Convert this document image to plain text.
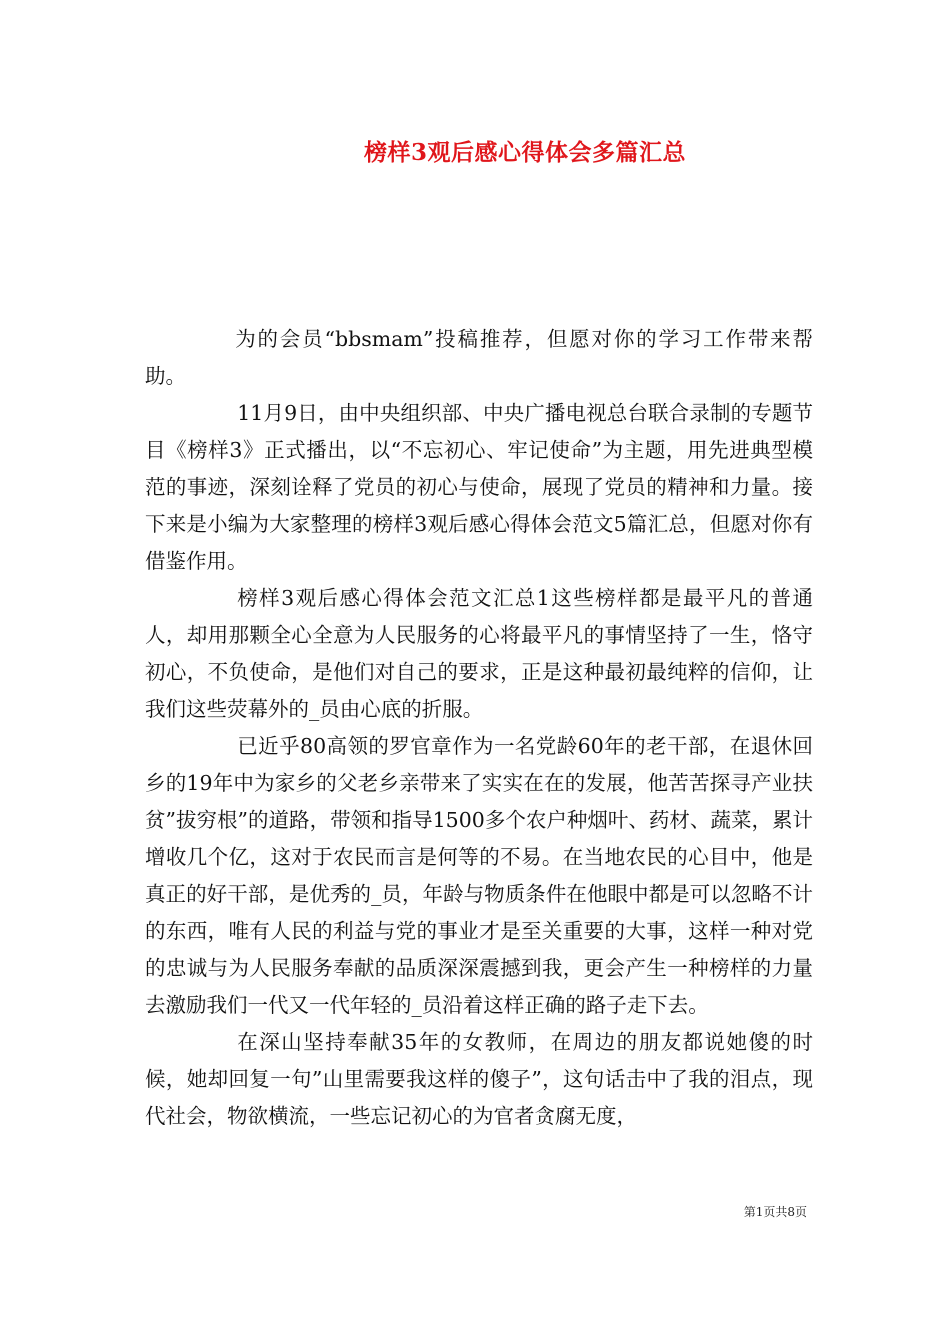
榜样3观后感心得体会多篇汇总

为的会员“bbsmam”投稿推荐，但愿对你的学习工作带来帮助。

11月9日，由中央组织部、中央广播电视总台联合录制的专题节目《榜样3》正式播出，以“不忘初心、牢记使命”为主题，用先进典型模范的事迹，深刻诠释了党员的初心与使命，展现了党员的精神和力量。接下来是小编为大家整理的榜样3观后感心得体会范文5篇汇总，但愿对你有借鉴作用。

榜样3观后感心得体会范文汇总1这些榜样都是最平凡的普通人，却用那颗全心全意为人民服务的心将最平凡的事情坚持了一生，恪守初心，不负使命，是他们对自己的要求，正是这种最初最纯粹的信仰，让我们这些荧幕外的_员由心底的折服。

已近乎80高领的罗官章作为一名党龄60年的老干部，在退休回乡的19年中为家乡的父老乡亲带来了实实在在的发展，他苦苦探寻产业扶贫”拔穷根”的道路，带领和指导1500多个农户种烟叶、药材、蔬菜，累计增收几个亿，这对于农民而言是何等的不易。在当地农民的心目中，他是真正的好干部，是优秀的_员，年龄与物质条件在他眼中都是可以忽略不计的东西，唯有人民的利益与党的事业才是至关重要的大事，这样一种对党的忠诚与为人民服务奉献的品质深深震撼到我，更会产生一种榜样的力量去激励我们一代又一代年轻的_员沿着这样正确的路子走下去。

在深山坚持奉献35年的女教师，在周边的朋友都说她傻的时候，她却回复一句”山里需要我这样的傻子”，这句话击中了我的泪点，现代社会，物欲横流，一些忘记初心的为官者贪腐无度，

第1页共8页
